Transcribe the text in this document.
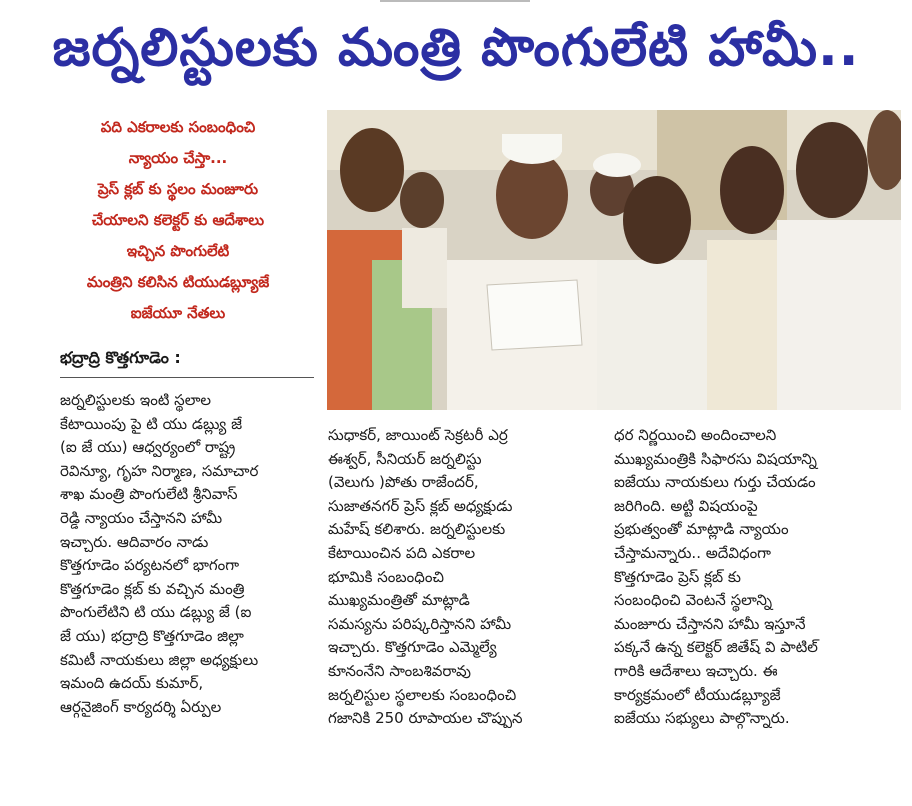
జర్నలిస్టులకు మంత్రి పొంగులేటి హామీ..
పది ఎకరాలకు సంబంధించి
న్యాయం చేస్తా...
ప్రెస్ క్లబ్ కు స్థలం మంజూరు
చేయాలని కలెక్టర్ కు ఆదేశాలు
ఇచ్చిన పొంగులేటి
మంత్రిని కలిసిన టియుడబ్ల్యూజే
ఐజేయూ నేతలు
భద్రాద్రి కొత్తగూడెం :
జర్నలిస్టులకు ఇంటి స్థలాల
కేటాయింపు పై టి యు డబ్ల్యు జే
(ఐ జే యు) ఆధ్వర్యంలో రాష్ట్ర
రెవిన్యూ, గృహ నిర్మాణ, సమాచార
శాఖ మంత్రి పొంగులేటి శ్రీనివాస్
రెడ్డి న్యాయం చేస్తానని హామీ
ఇచ్చారు. ఆదివారం నాడు
కొత్తగూడెం పర్యటనలో భాగంగా
కొత్తగూడెం క్లబ్ కు వచ్చిన మంత్రి
పొంగులేటిని టి యు డబ్ల్యు జే (ఐ
జే యు) భద్రాద్రి కొత్తగూడెం జిల్లా
కమిటీ నాయకులు జిల్లా అధ్యక్షులు
ఇమంది ఉదయ్ కుమార్,
ఆర్గనైజింగ్ కార్యదర్శి ఏర్పుల
సుధాకర్, జాయింట్ సెక్రటరీ ఎర్ర
ఈశ్వర్, సీనియర్ జర్నలిస్టు
(వెలుగు )పోతు రాజేందర్,
సుజాతనగర్ ప్రెస్ క్లబ్ అధ్యక్షుడు
మహేష్ కలిశారు. జర్నలిస్టులకు
కేటాయించిన పది ఎకరాల
భూమికి సంబంధించి
ముఖ్యమంత్రితో మాట్లాడి
సమస్యను పరిష్కరిస్తానని హామీ
ఇచ్చారు. కొత్తగూడెం ఎమ్మెల్యే
కూనంనేని సాంబశివరావు
జర్నలిస్టుల స్థలాలకు సంబంధించి
గజానికి 250 రూపాయల చొప్పున
ధర నిర్ణయించి అందించాలని
ముఖ్యమంత్రికి సిఫారసు విషయాన్ని
ఐజేయు నాయకులు గుర్తు చేయడం
జరిగింది. అట్టి విషయంపై
ప్రభుత్వంతో మాట్లాడి న్యాయం
చేస్తామన్నారు.. అదేవిధంగా
కొత్తగూడెం ప్రెస్ క్లబ్ కు
సంబంధించి వెంటనే స్థలాన్ని
మంజూరు చేస్తానని హామీ ఇస్తూనే
పక్కనే ఉన్న కలెక్టర్ జితేష్ వి పాటిల్
గారికి ఆదేశాలు ఇచ్చారు. ఈ
కార్యక్రమంలో టీయుడబ్ల్యూజే
ఐజేయు సభ్యులు పాల్గొన్నారు.
